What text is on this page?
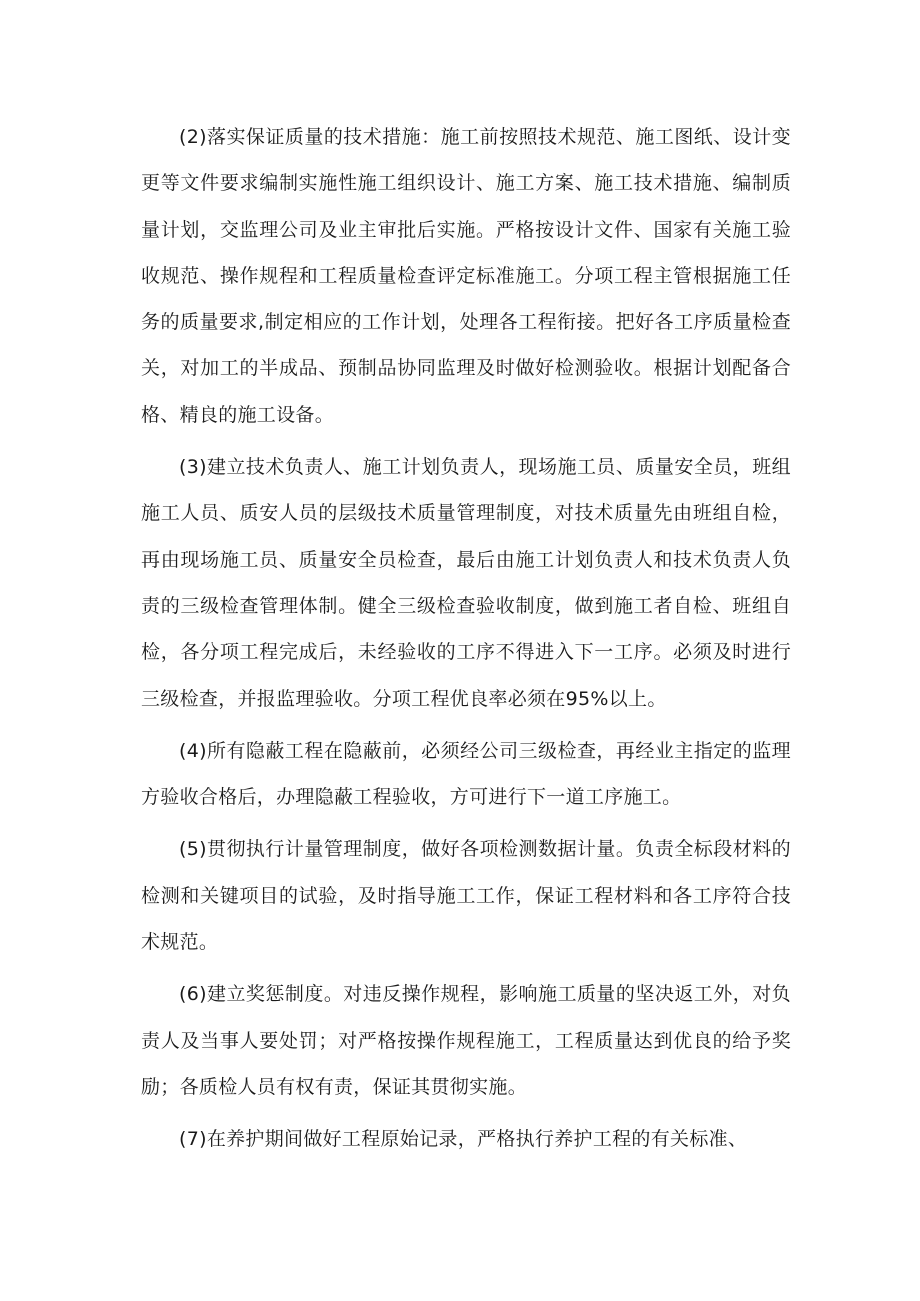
(2)落实保证质量的技术措施：施工前按照技术规范、施工图纸、设计变更等文件要求编制实施性施工组织设计、施工方案、施工技术措施、编制质量计划，交监理公司及业主审批后实施。严格按设计文件、国家有关施工验收规范、操作规程和工程质量检查评定标准施工。分项工程主管根据施工任务的质量要求,制定相应的工作计划，处理各工程衔接。把好各工序质量检查关，对加工的半成品、预制品协同监理及时做好检测验收。根据计划配备合格、精良的施工设备。

(3)建立技术负责人、施工计划负责人，现场施工员、质量安全员，班组施工人员、质安人员的层级技术质量管理制度，对技术质量先由班组自检，再由现场施工员、质量安全员检查，最后由施工计划负责人和技术负责人负责的三级检查管理体制。健全三级检查验收制度，做到施工者自检、班组自检，各分项工程完成后，未经验收的工序不得进入下一工序。必须及时进行三级检查，并报监理验收。分项工程优良率必须在95%以上。

(4)所有隐蔽工程在隐蔽前，必须经公司三级检查，再经业主指定的监理方验收合格后，办理隐蔽工程验收，方可进行下一道工序施工。

(5)贯彻执行计量管理制度，做好各项检测数据计量。负责全标段材料的检测和关键项目的试验，及时指导施工工作，保证工程材料和各工序符合技术规范。

(6)建立奖惩制度。对违反操作规程，影响施工质量的坚决返工外，对负责人及当事人要处罚；对严格按操作规程施工，工程质量达到优良的给予奖励；各质检人员有权有责，保证其贯彻实施。

(7)在养护期间做好工程原始记录，严格执行养护工程的有关标准、
